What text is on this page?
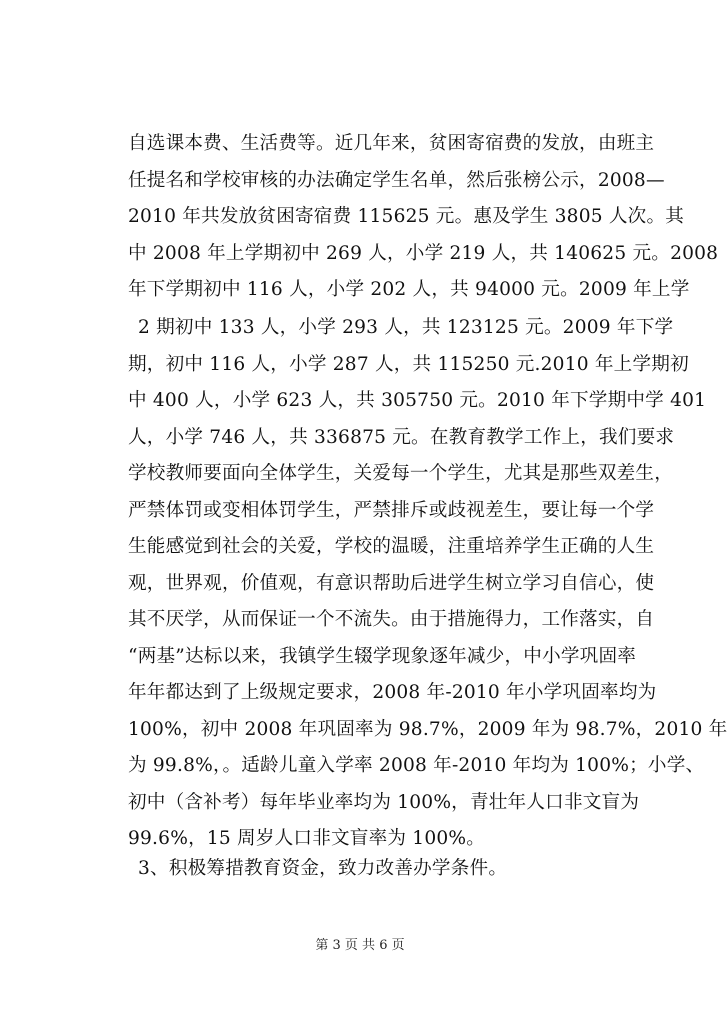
自选课本费、生活费等。近几年来，贫困寄宿费的发放，由班主
任提名和学校审核的办法确定学生名单，然后张榜公示，2008—
2010 年共发放贫困寄宿费 115625 元。惠及学生 3805 人次。其
中 2008 年上学期初中 269 人，小学 219 人，共 140625 元。2008
年下学期初中 116 人，小学 202 人，共 94000 元。2009 年上学
2 期初中 133 人，小学 293 人，共 123125 元。2009 年下学
期，初中 116 人，小学 287 人，共 115250 元.2010 年上学期初
中 400 人，小学 623 人，共 305750 元。2010 年下学期中学 401
人，小学 746 人，共 336875 元。在教育教学工作上，我们要求
学校教师要面向全体学生，关爱每一个学生，尤其是那些双差生，
严禁体罚或变相体罚学生，严禁排斥或歧视差生，要让每一个学
生能感觉到社会的关爱，学校的温暖，注重培养学生正确的人生
观，世界观，价值观，有意识帮助后进学生树立学习自信心，使
其不厌学，从而保证一个不流失。由于措施得力，工作落实，自
“两基”达标以来，我镇学生辍学现象逐年减少，中小学巩固率
年年都达到了上级规定要求，2008 年-2010 年小学巩固率均为
100%，初中 2008 年巩固率为 98.7%，2009 年为 98.7%，2010 年
为 99.8%，。适龄儿童入学率 2008 年-2010 年均为 100%；小学、
初中（含补考）每年毕业率均为 100%，青壮年人口非文盲为
99.6%，15 周岁人口非文盲率为 100%。
3、积极筹措教育资金，致力改善办学条件。
第 3 页 共 6 页
